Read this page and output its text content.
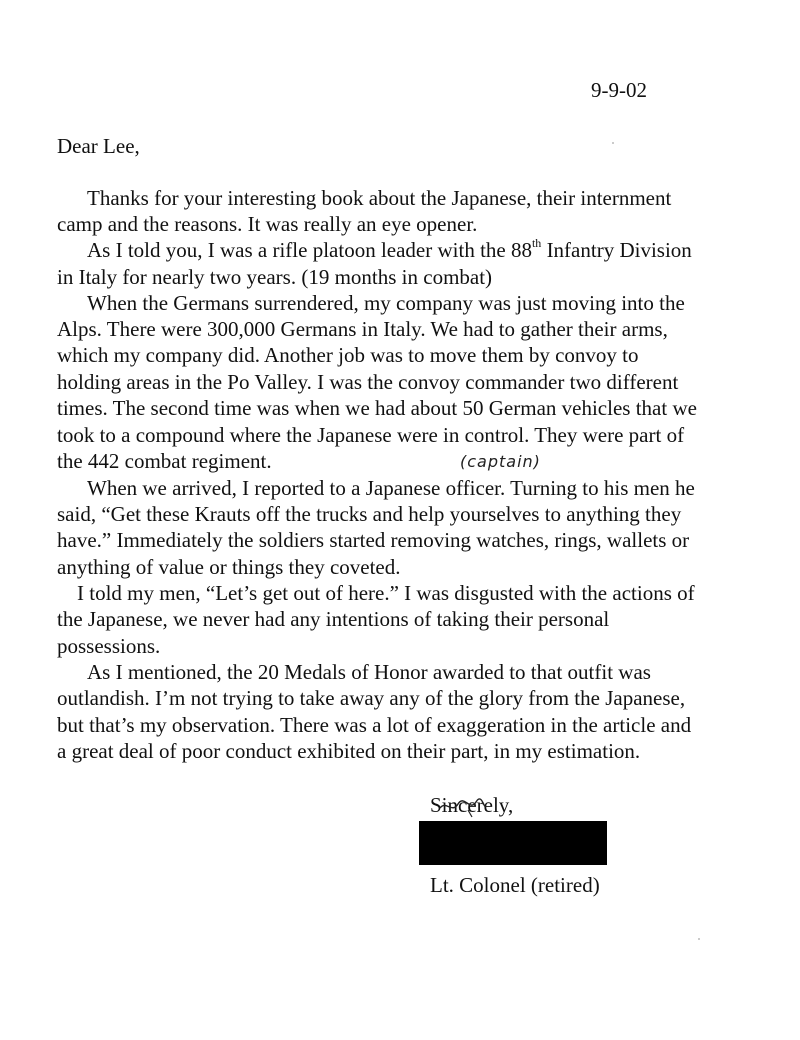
9-9-02
Dear Lee,
Thanks for your interesting book about the Japanese, their internment
camp and the reasons. It was really an eye opener.
As I told you, I was a rifle platoon leader with the 88th Infantry Division
in Italy for nearly two years. (19 months in combat)
When the Germans surrendered, my company was just moving into the
Alps. There were 300,000 Germans in Italy. We had to gather their arms,
which my company did. Another job was to move them by convoy to
holding areas in the Po Valley. I was the convoy commander two different
times. The second time was when we had about 50 German vehicles that we
took to a compound where the Japanese were in control. They were part of
the 442 combat regiment.	(captain)
When we arrived, I reported to a Japanese officer. Turning to his men he
said, “Get these Krauts off the trucks and help yourselves to anything they
have.” Immediately the soldiers started removing watches, rings, wallets or
anything of value or things they coveted.
I told my men, “Let’s get out of here.” I was disgusted with the actions of
the Japanese, we never had any intentions of taking their personal
possessions.
As I mentioned, the 20 Medals of Honor awarded to that outfit was
outlandish. I’m not trying to take away any of the glory from the Japanese,
but that’s my observation. There was a lot of exaggeration in the article and
a great deal of poor conduct exhibited on their part, in my estimation.
Sincerely,
Lt. Colonel (retired)
